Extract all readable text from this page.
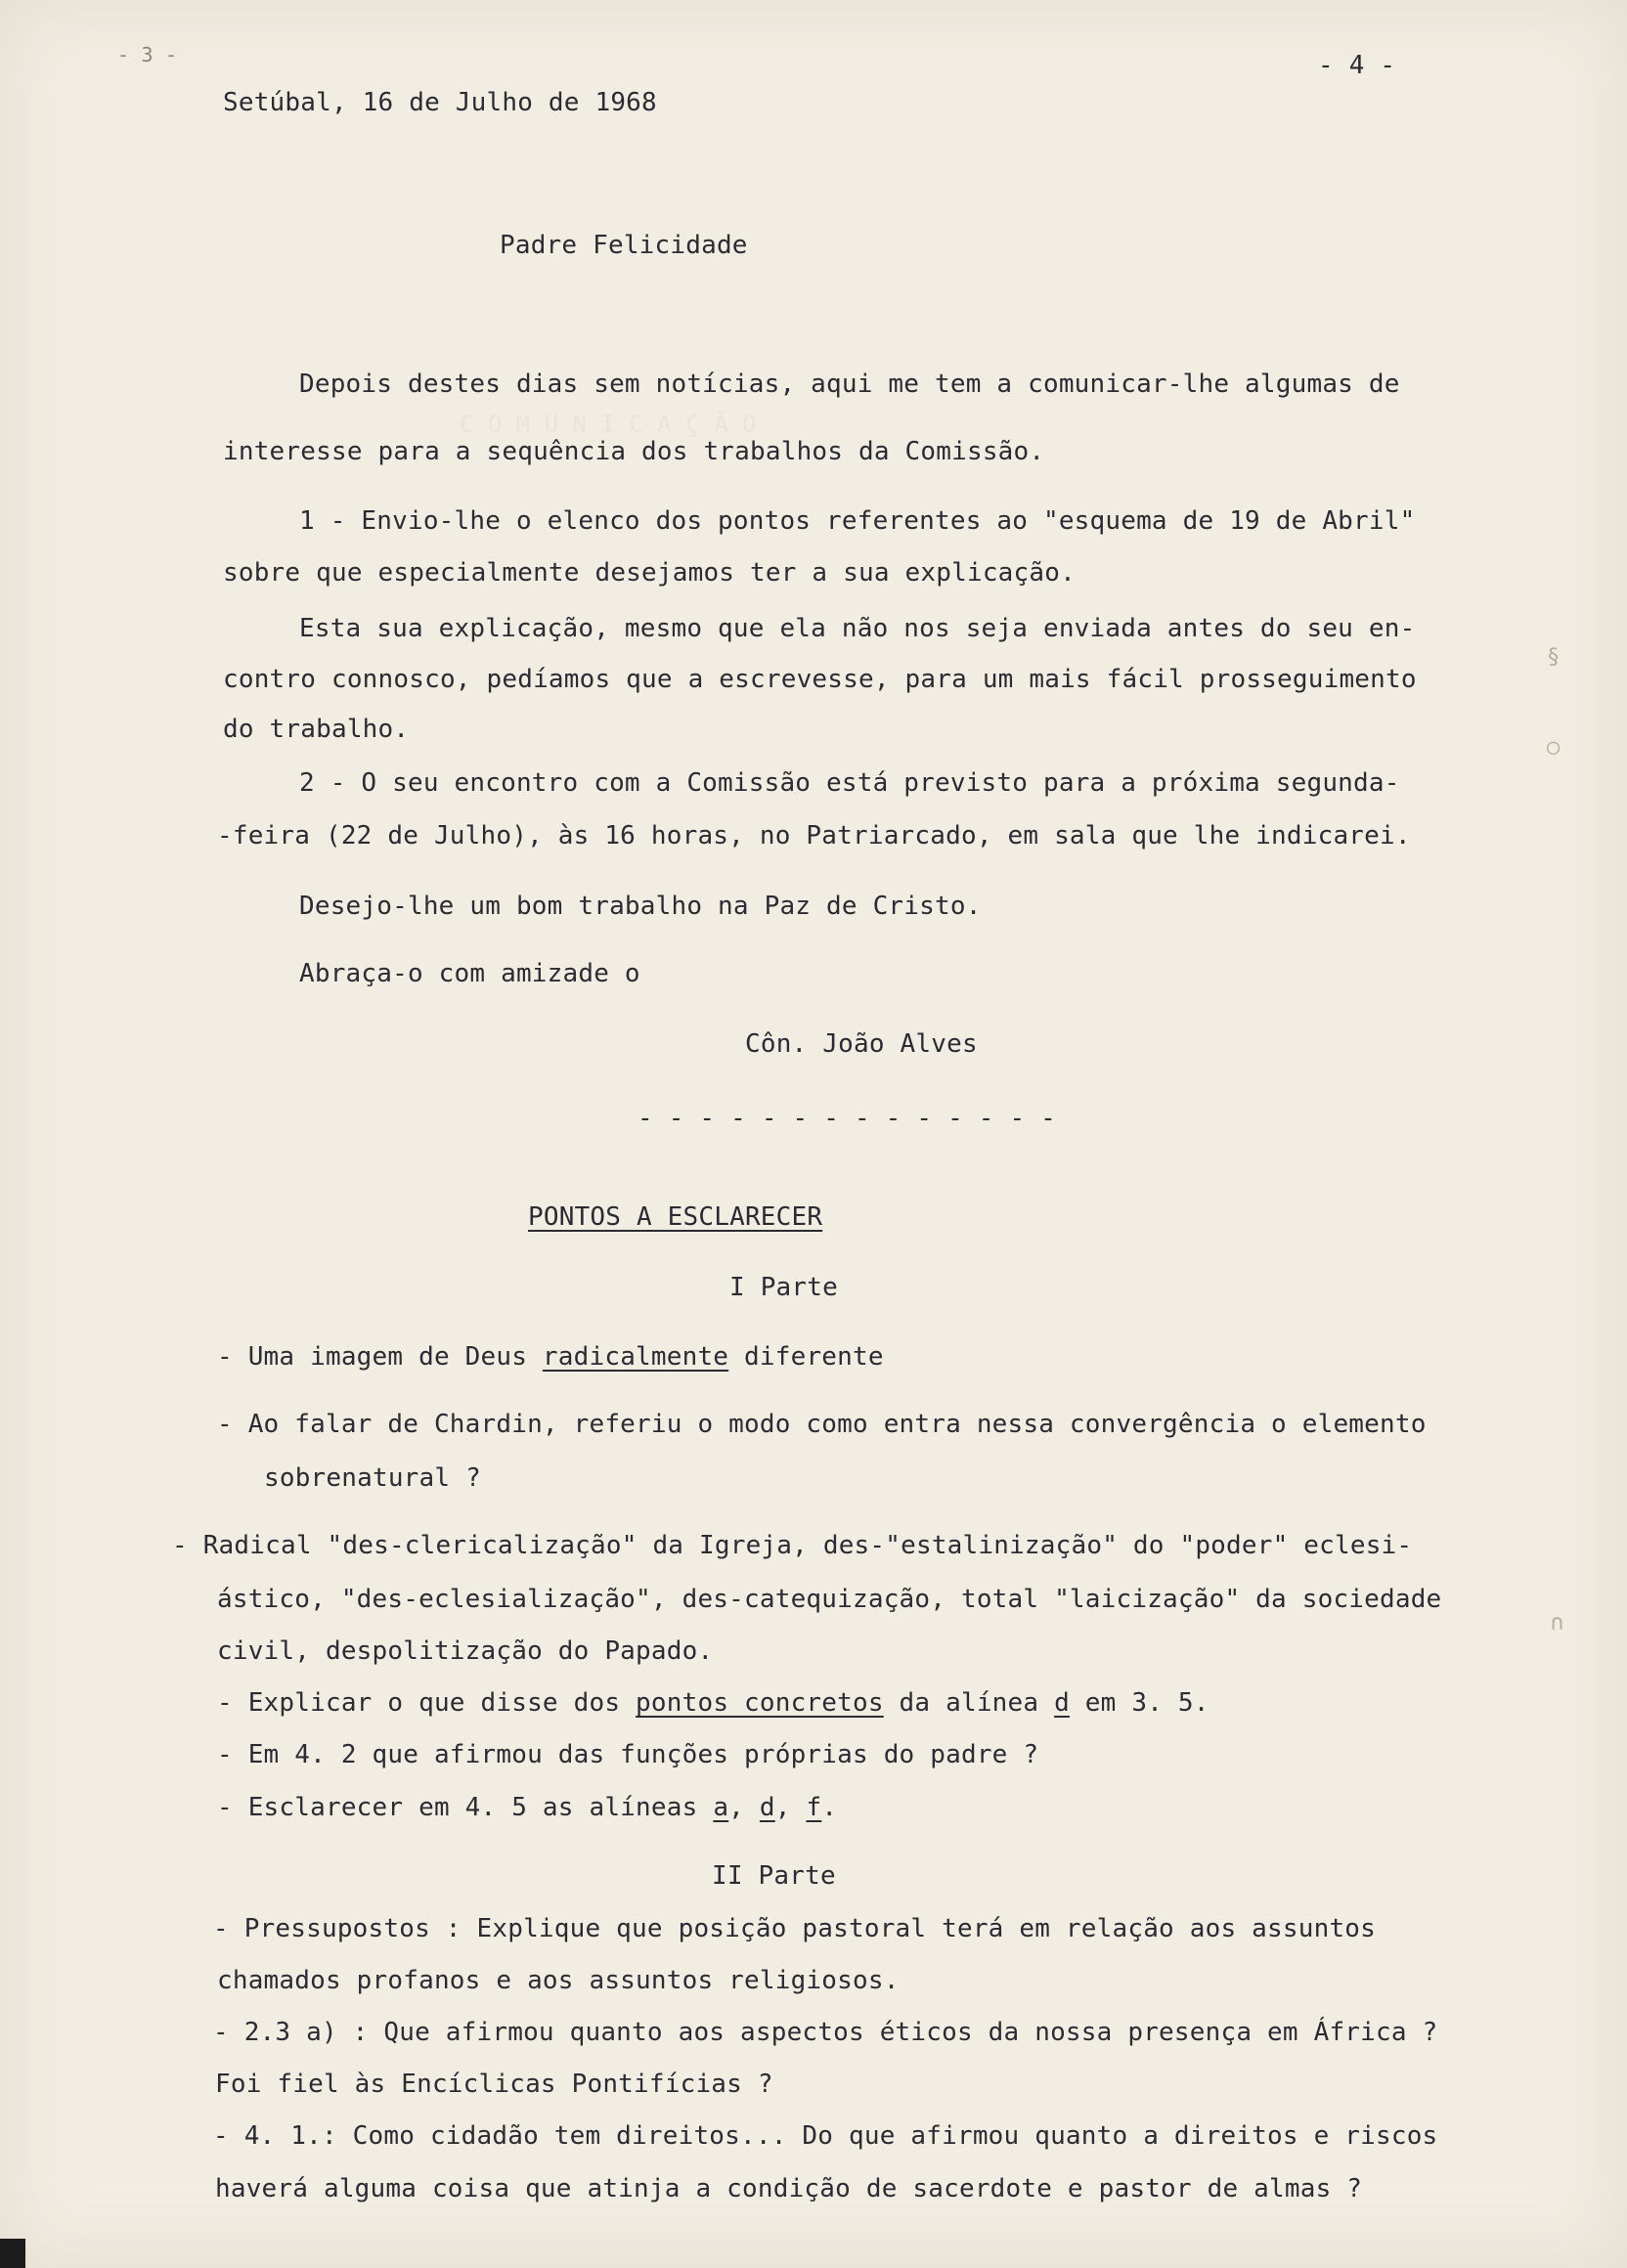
C O M U N I C A Ç Ã O
§
○
∩
- 3 -	- 4 -
Setúbal, 16 de Julho de 1968
Padre Felicidade
Depois destes dias sem notícias, aqui me tem a comunicar-lhe algumas de
interesse para a sequência dos trabalhos da Comissão.
1 - Envio-lhe o elenco dos pontos referentes ao "esquema de 19 de Abril"
sobre que especialmente desejamos ter a sua explicação.
Esta sua explicação, mesmo que ela não nos seja enviada antes do seu en-
contro connosco, pedíamos que a escrevesse, para um mais fácil prosseguimento
do trabalho.
2 - O seu encontro com a Comissão está previsto para a próxima segunda-
-feira (22 de Julho), às 16 horas, no Patriarcado, em sala que lhe indicarei.
Desejo-lhe um bom trabalho na Paz de Cristo.
Abraça-o com amizade o
Côn. João Alves
- - - - - - - - - - - - - -
PONTOS A ESCLARECER
I Parte
- Uma imagem de Deus radicalmente diferente
- Ao falar de Chardin, referiu o modo como entra nessa convergência o elemento
sobrenatural ?
- Radical "des-clericalização" da Igreja, des-"estalinização" do "poder" eclesi-
ástico, "des-eclesialização", des-catequização, total "laicização" da sociedade
civil, despolitização do Papado.
- Explicar o que disse dos pontos concretos da alínea d em 3. 5.
- Em 4. 2 que afirmou das funções próprias do padre ?
- Esclarecer em 4. 5 as alíneas a, d, f.
II Parte
- Pressupostos : Explique que posição pastoral terá em relação aos assuntos
chamados profanos e aos assuntos religiosos.
- 2.3 a) : Que afirmou quanto aos aspectos éticos da nossa presença em África ?
Foi fiel às Encíclicas Pontifícias ?
- 4. 1.: Como cidadão tem direitos... Do que afirmou quanto a direitos e riscos
haverá alguma coisa que atinja a condição de sacerdote e pastor de almas ?
